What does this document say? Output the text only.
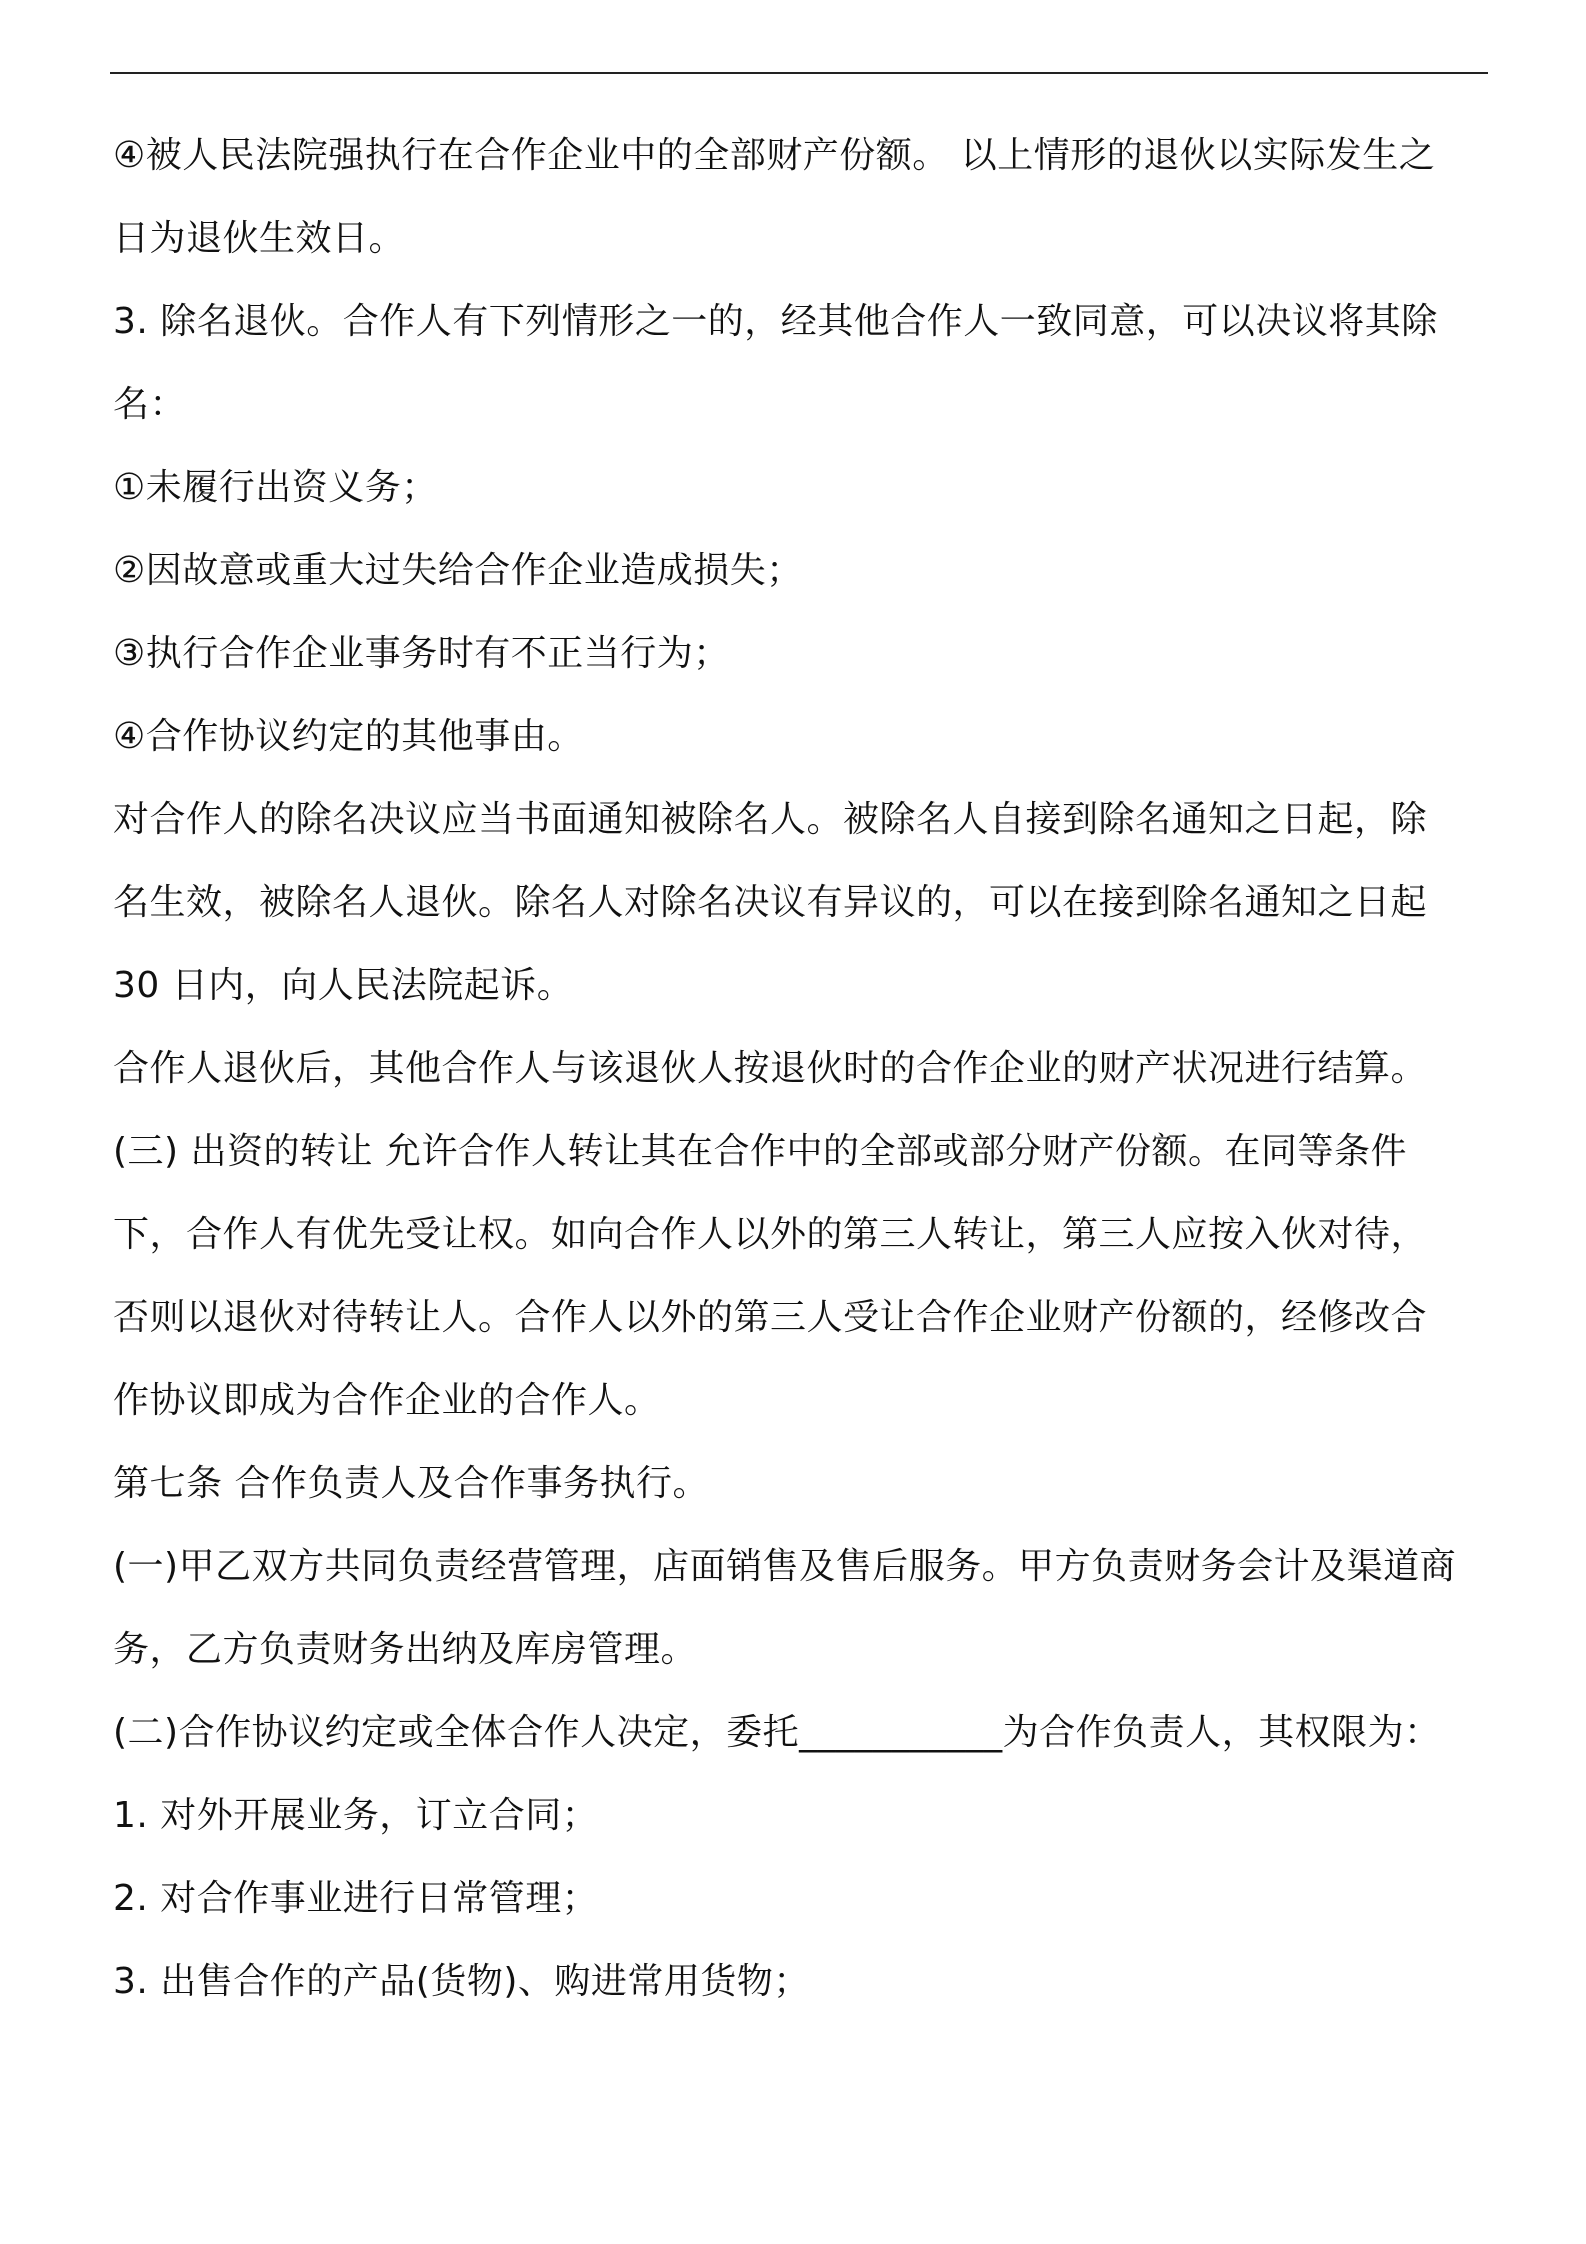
④被人民法院强执行在合作企业中的全部财产份额。 以上情形的退伙以实际发生之
日为退伙生效日。
3. 除名退伙。合作人有下列情形之一的，经其他合作人一致同意，可以决议将其除
名：
①未履行出资义务；
②因故意或重大过失给合作企业造成损失；
③执行合作企业事务时有不正当行为；
④合作协议约定的其他事由。
对合作人的除名决议应当书面通知被除名人。被除名人自接到除名通知之日起，除
名生效，被除名人退伙。除名人对除名决议有异议的，可以在接到除名通知之日起
30 日内，向人民法院起诉。
合作人退伙后，其他合作人与该退伙人按退伙时的合作企业的财产状况进行结算。
(三) 出资的转让 允许合作人转让其在合作中的全部或部分财产份额。在同等条件
下，合作人有优先受让权。如向合作人以外的第三人转让，第三人应按入伙对待，
否则以退伙对待转让人。合作人以外的第三人受让合作企业财产份额的，经修改合
作协议即成为合作企业的合作人。
第七条 合作负责人及合作事务执行。
(一)甲乙双方共同负责经营管理，店面销售及售后服务。甲方负责财务会计及渠道商
务，乙方负责财务出纳及库房管理。
(二)合作协议约定或全体合作人决定，委托___________为合作负责人，其权限为：
1. 对外开展业务，订立合同；
2. 对合作事业进行日常管理；
3. 出售合作的产品(货物)、购进常用货物；
